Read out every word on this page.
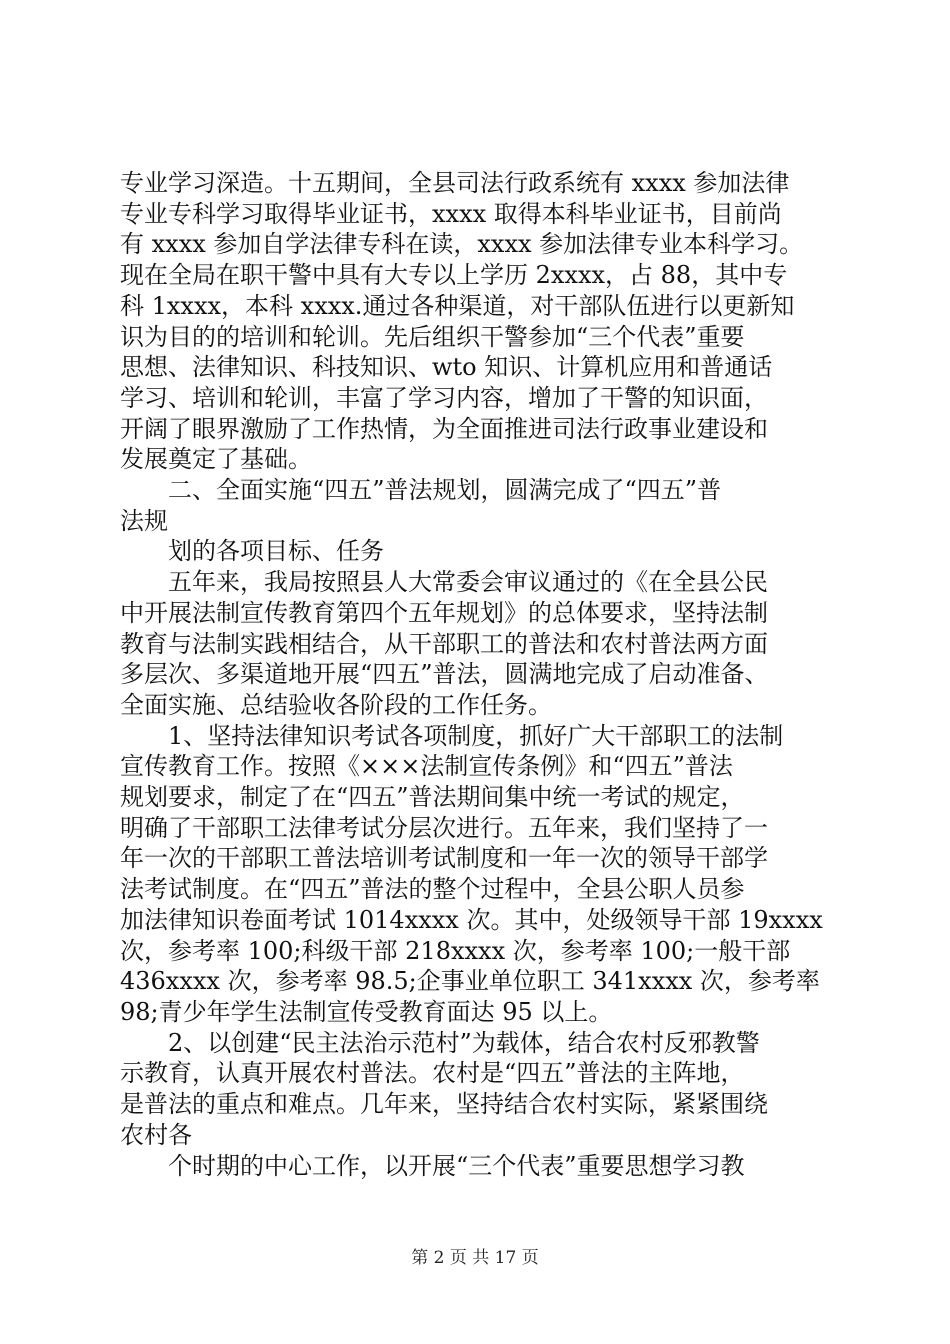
专业学习深造。十五期间，全县司法行政系统有 xxxx 参加法律
专业专科学习取得毕业证书，xxxx 取得本科毕业证书，目前尚
有 xxxx 参加自学法律专科在读，xxxx 参加法律专业本科学习。
现在全局在职干警中具有大专以上学历 2xxxx，占 88，其中专
科 1xxxx，本科 xxxx.通过各种渠道，对干部队伍进行以更新知
识为目的的培训和轮训。先后组织干警参加“三个代表”重要
思想、法律知识、科技知识、wto 知识、计算机应用和普通话
学习、培训和轮训，丰富了学习内容，增加了干警的知识面，
开阔了眼界激励了工作热情，为全面推进司法行政事业建设和
发展奠定了基础。
　　二、全面实施“四五”普法规划，圆满完成了“四五”普
法规
　　划的各项目标、任务
　　五年来，我局按照县人大常委会审议通过的《在全县公民
中开展法制宣传教育第四个五年规划》的总体要求，坚持法制
教育与法制实践相结合，从干部职工的普法和农村普法两方面
多层次、多渠道地开展“四五”普法，圆满地完成了启动准备、
全面实施、总结验收各阶段的工作任务。
　　1、坚持法律知识考试各项制度，抓好广大干部职工的法制
宣传教育工作。按照《×××法制宣传条例》和“四五”普法
规划要求，制定了在“四五”普法期间集中统一考试的规定，
明确了干部职工法律考试分层次进行。五年来，我们坚持了一
年一次的干部职工普法培训考试制度和一年一次的领导干部学
法考试制度。在“四五”普法的整个过程中，全县公职人员参
加法律知识卷面考试 1014xxxx 次。其中，处级领导干部 19xxxx
次，参考率 100;科级干部 218xxxx 次，参考率 100;一般干部
436xxxx 次，参考率 98.5;企事业单位职工 341xxxx 次，参考率
98;青少年学生法制宣传受教育面达 95 以上。
　　2、以创建“民主法治示范村”为载体，结合农村反邪教警
示教育，认真开展农村普法。农村是“四五”普法的主阵地，
是普法的重点和难点。几年来，坚持结合农村实际，紧紧围绕
农村各
　　个时期的中心工作，以开展“三个代表”重要思想学习教
第 2 页 共 17 页
